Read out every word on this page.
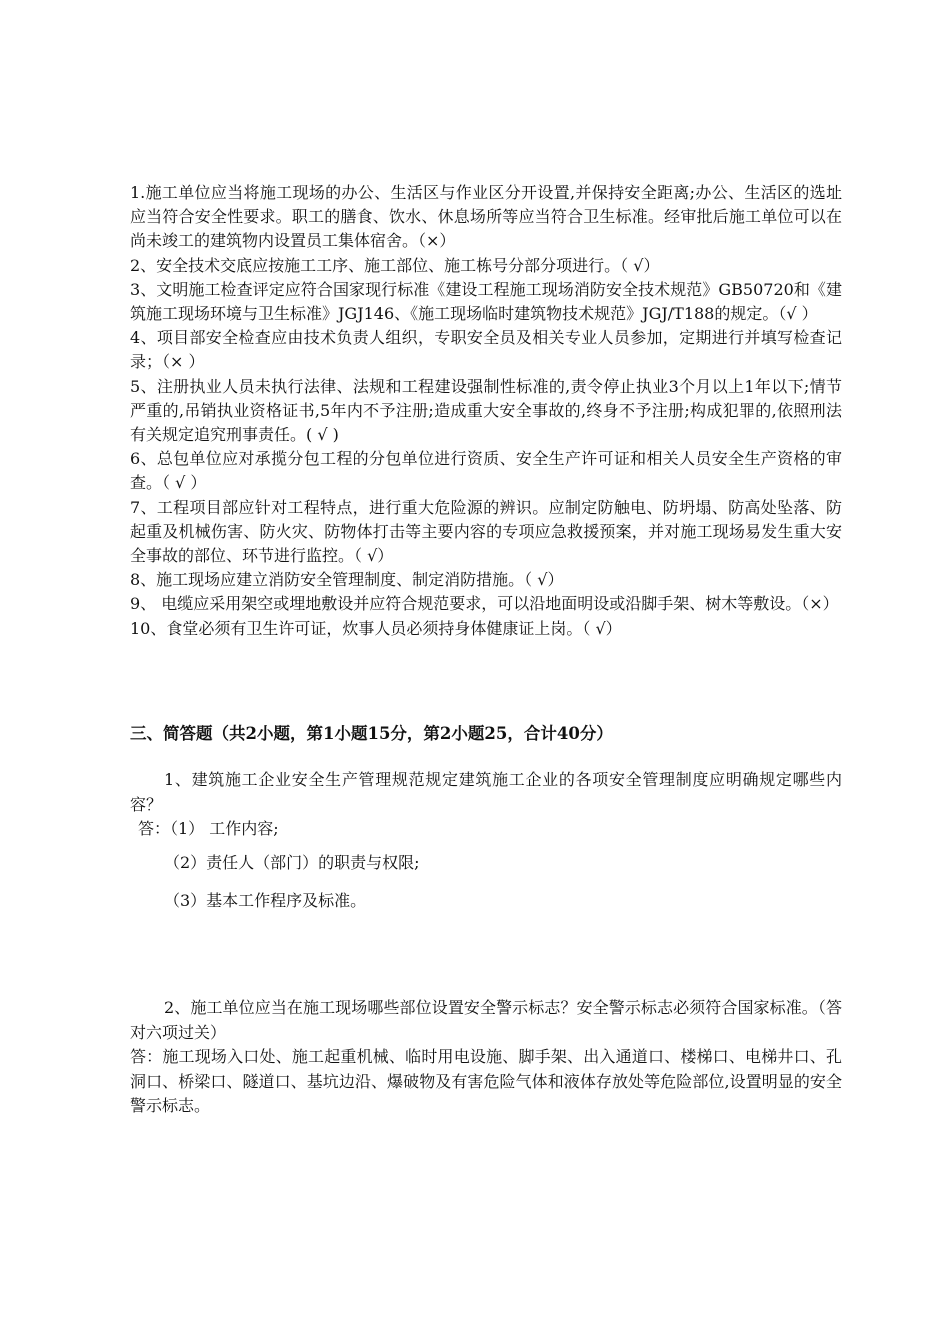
1.施工单位应当将施工现场的办公、生活区与作业区分开设置,并保持安全距离;办公、生活区的选址应当符合安全性要求。职工的膳食、饮水、休息场所等应当符合卫生标准。经审批后施工单位可以在尚未竣工的建筑物内设置员工集体宿舍。（×）

2、安全技术交底应按施工工序、施工部位、施工栋号分部分项进行。（ √）

3、文明施工检查评定应符合国家现行标准《建设工程施工现场消防安全技术规范》GB50720和《建筑施工现场环境与卫生标准》JGJ146、《施工现场临时建筑物技术规范》JGJ/T188的规定。（√ ）

4、项目部安全检查应由技术负责人组织，专职安全员及相关专业人员参加，定期进行并填写检查记录；（× ）

5、注册执业人员未执行法律、法规和工程建设强制性标准的,责令停止执业3个月以上1年以下;情节严重的,吊销执业资格证书,5年内不予注册;造成重大安全事故的,终身不予注册;构成犯罪的,依照刑法有关规定追究刑事责任。( √ )

6、总包单位应对承揽分包工程的分包单位进行资质、安全生产许可证和相关人员安全生产资格的审查。（ √ ）

7、工程项目部应针对工程特点，进行重大危险源的辨识。应制定防触电、防坍塌、防高处坠落、防起重及机械伤害、防火灾、防物体打击等主要内容的专项应急救援预案，并对施工现场易发生重大安全事故的部位、环节进行监控。（ √）

8、施工现场应建立消防安全管理制度、制定消防措施。（ √）

9、 电缆应采用架空或埋地敷设并应符合规范要求，可以沿地面明设或沿脚手架、树木等敷设。（×）

10、食堂必须有卫生许可证，炊事人员必须持身体健康证上岗。（ √）

三、简答题（共2小题，第1小题15分，第2小题25，合计40分）

1、建筑施工企业安全生产管理规范规定建筑施工企业的各项安全管理制度应明确规定哪些内容？

答：（1） 工作内容;

（2）责任人（部门）的职责与权限;

（3）基本工作程序及标准。

2、施工单位应当在施工现场哪些部位设置安全警示标志？安全警示标志必须符合国家标准。（答对六项过关）

答：施工现场入口处、施工起重机械、临时用电设施、脚手架、出入通道口、楼梯口、电梯井口、孔洞口、桥梁口、隧道口、基坑边沿、爆破物及有害危险气体和液体存放处等危险部位,设置明显的安全警示标志。
